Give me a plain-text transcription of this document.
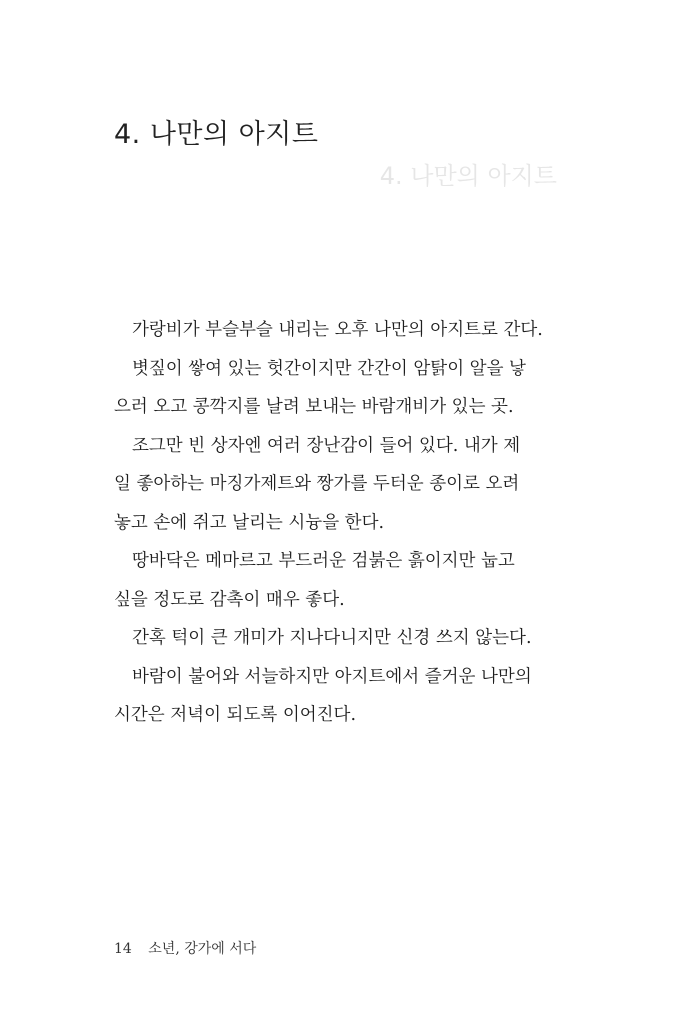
4. 나만의 아지트
4. 나만의 아지트
가랑비가 부슬부슬 내리는 오후 나만의 아지트로 간다.
볏짚이 쌓여 있는 헛간이지만 간간이 암탉이 알을 낳
으러 오고 콩깍지를 날려 보내는 바람개비가 있는 곳.
조그만 빈 상자엔 여러 장난감이 들어 있다. 내가 제
일 좋아하는 마징가제트와 짱가를 두터운 종이로 오려
놓고 손에 쥐고 날리는 시늉을 한다.
땅바닥은 메마르고 부드러운 검붉은 흙이지만 눕고
싶을 정도로 감촉이 매우 좋다.
간혹 턱이 큰 개미가 지나다니지만 신경 쓰지 않는다.
바람이 불어와 서늘하지만 아지트에서 즐거운 나만의
시간은 저녁이 되도록 이어진다.
14 소년, 강가에 서다
